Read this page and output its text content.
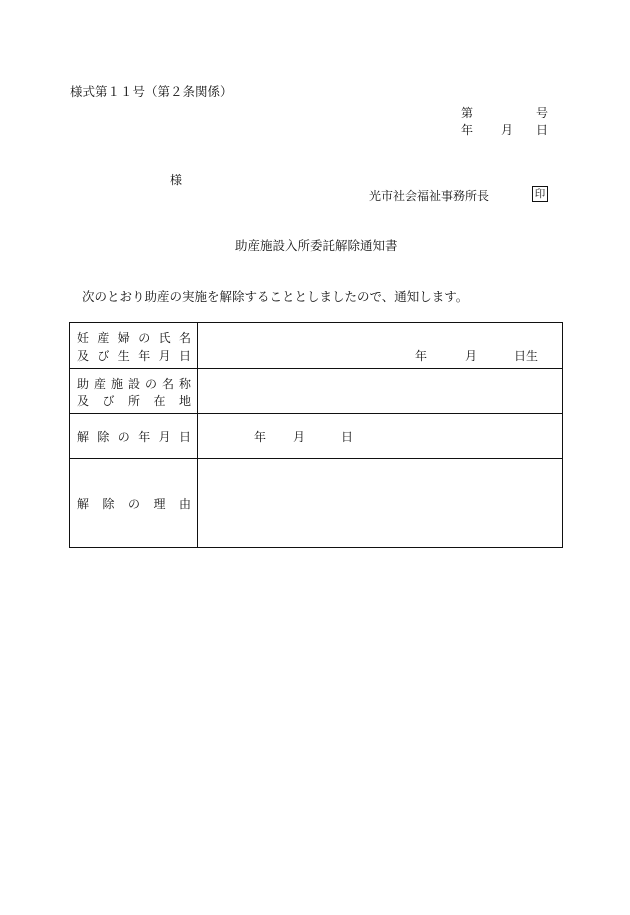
様式第１１号（第２条関係）
第	号
年 月 日
様
光市社会福祉事務所長	印
助産施設入所委託解除通知書
次のとおり助産の実施を解除することとしましたので、通知します。
妊産婦の氏名
及び生年月日	年	月	日生
助産施設の名称
及び所在地
解除の年月日	年 月	日
解除の理由
